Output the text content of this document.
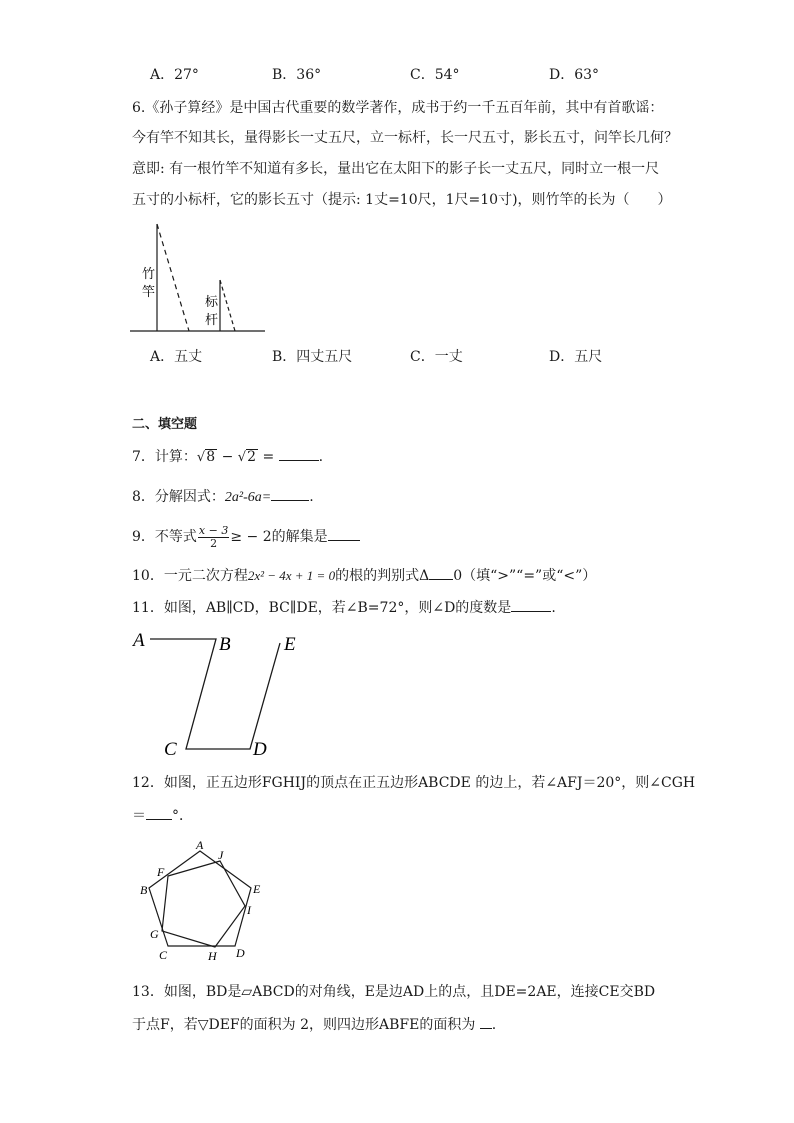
A．27°	B．36°	C．54°	D．63°
6.《孙子算经》是中国古代重要的数学著作，成书于约一千五百年前，其中有首歌谣：
今有竿不知其长，量得影长一丈五尺，立一标杆，长一尺五寸，影长五寸，问竿长几何？
意即: 有一根竹竿不知道有多长，量出它在太阳下的影子长一丈五尺，同时立一根一尺
五寸的小标杆，它的影长五寸（提示: 1丈=10尺，1尺=10寸)，则竹竿的长为（　　）
竹
竿
标
杆
A．五丈	B．四丈五尺	C．一丈	D．五尺
二、填空题
7．计算：√8 − √2 =	.
8．分解因式：2a²-6a=	.
9．不等式 $\frac{x - 3}{2}$ ≥ − 2的解集是
10．一元二次方程2x² − 4x + 1 = 0的根的判别式Δ 0（填“>”“=”或“<”）
11．如图，AB∥CD，BC∥DE，若∠B=72°，则∠D的度数是	.
A	B
C	D
E
12．如图，正五边形FGHIJ的顶点在正五边形ABCDE 的边上，若∠AFJ＝20°，则∠CGH
＝ °．
A
B
C	D
E
F
G
H
I
J
13．如图，BD是▱ABCD的对角线，E是边AD上的点，且DE=2AE，连接CE交BD
于点F，若▽DEF的面积为 2，则四边形ABFE的面积为 .
